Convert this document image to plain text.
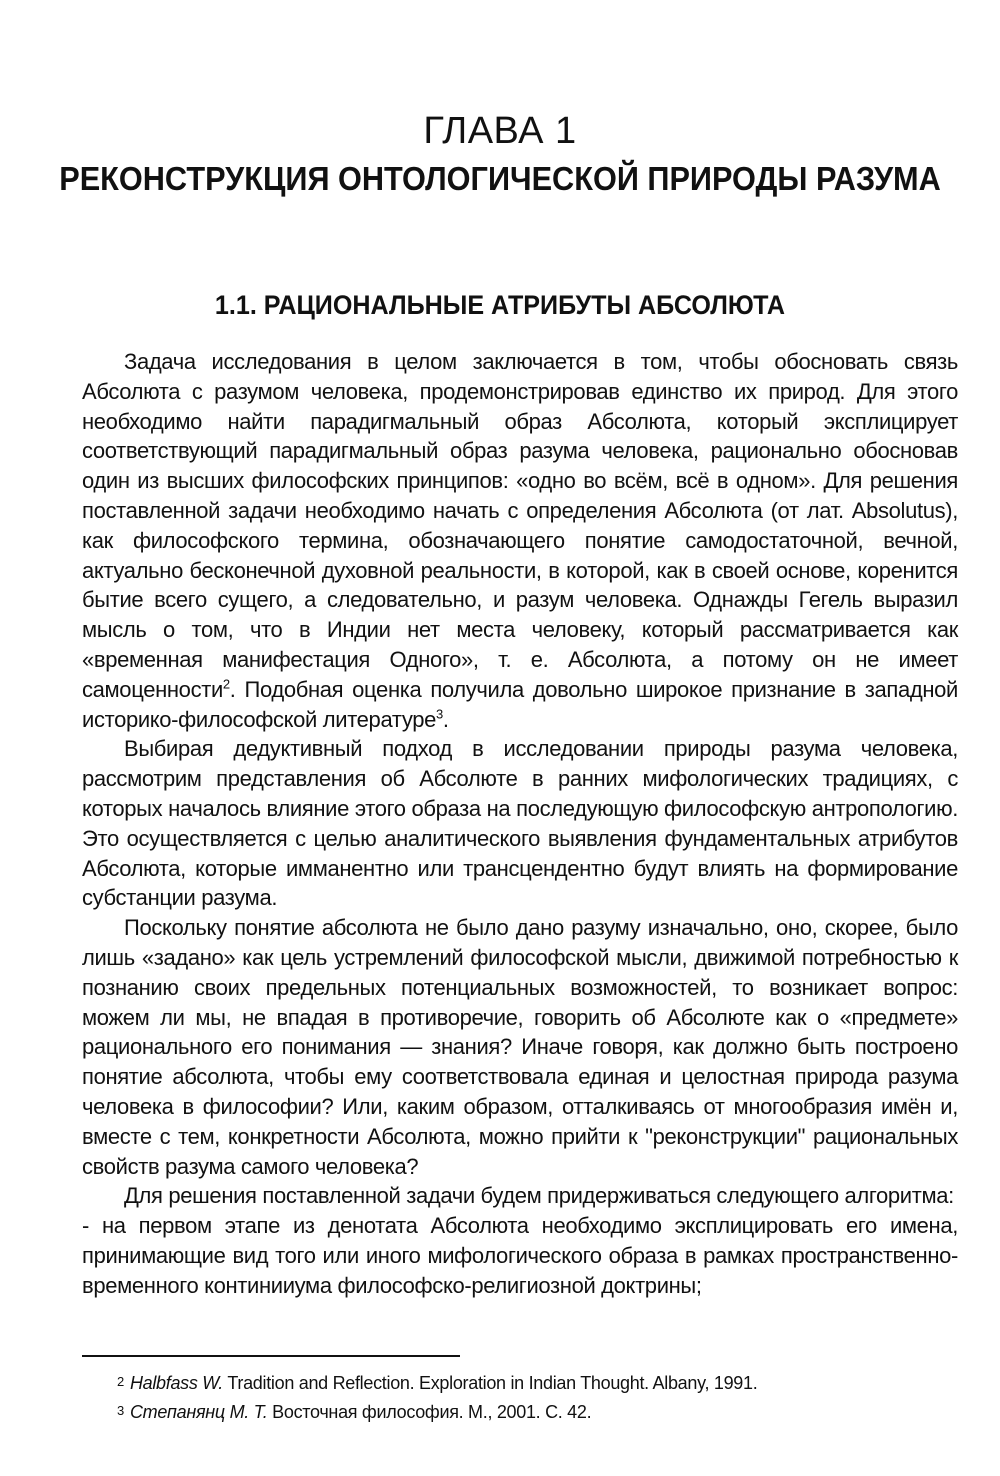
ГЛАВА 1
РЕКОНСТРУКЦИЯ ОНТОЛОГИЧЕСКОЙ ПРИРОДЫ РАЗУМА
1.1. РАЦИОНАЛЬНЫЕ АТРИБУТЫ АБСОЛЮТА

Задача исследования в целом заключается в том, чтобы обосновать связь Абсолюта с разумом человека, продемонстрировав единство их природ. Для этого необходимо найти парадигмальный образ Абсолюта, который эксплицирует соответствующий парадигмальный образ разума человека, рационально обосновав один из высших философских принципов: «одно во всём, всё в одном». Для решения поставленной задачи необходимо начать с определения Абсолюта (от лат. Absolutus), как философского термина, обозначающего понятие самодостаточной, вечной, актуально бесконечной духовной реальности, в которой, как в своей основе, коренится бытие всего сущего, а следовательно, и разум человека. Однажды Гегель выразил мысль о том, что в Индии нет места человеку, который рассматривается как «временная манифестация Одного», т. е. Абсолюта, а потому он не имеет самоценности$^2$. Подобная оценка получила довольно широкое признание в западной историко-философской литературе$^3$.

Выбирая дедуктивный подход в исследовании природы разума человека, рассмотрим представления об Абсолюте в ранних мифологических традициях, с которых началось влияние этого образа на последующую философскую антропологию. Это осуществляется с целью аналитического выявления фундаментальных атрибутов Абсолюта, которые имманентно или трансцендентно будут влиять на формирование субстанции разума.

Поскольку понятие абсолюта не было дано разуму изначально, оно, скорее, было лишь «задано» как цель устремлений философской мысли, движимой потребностью к познанию своих предельных потенциальных возможностей, то возникает вопрос: можем ли мы, не впадая в противоречие, говорить об Абсолюте как о «предмете» рационального его понимания — знания? Иначе говоря, как должно быть построено понятие абсолюта, чтобы ему соответствовала единая и целостная природа разума человека в философии? Или, каким образом, отталкиваясь от многообразия имён и, вместе с тем, конкретности Абсолюта, можно прийти к "реконструкции" рациональных свойств разума самого человека?

Для решения поставленной задачи будем придерживаться следующего алгоритма:

- на первом этапе из денотата Абсолюта необходимо эксплицировать его имена, принимающие вид того или иного мифологического образа в рамках пространственно-временного континииума философско-религиозной доктрины;

2 Halbfass W. Tradition and Reflection. Exploration in Indian Thought. Albany, 1991.

3 Степанянц М. Т. Восточная философия. М., 2001. С. 42.
